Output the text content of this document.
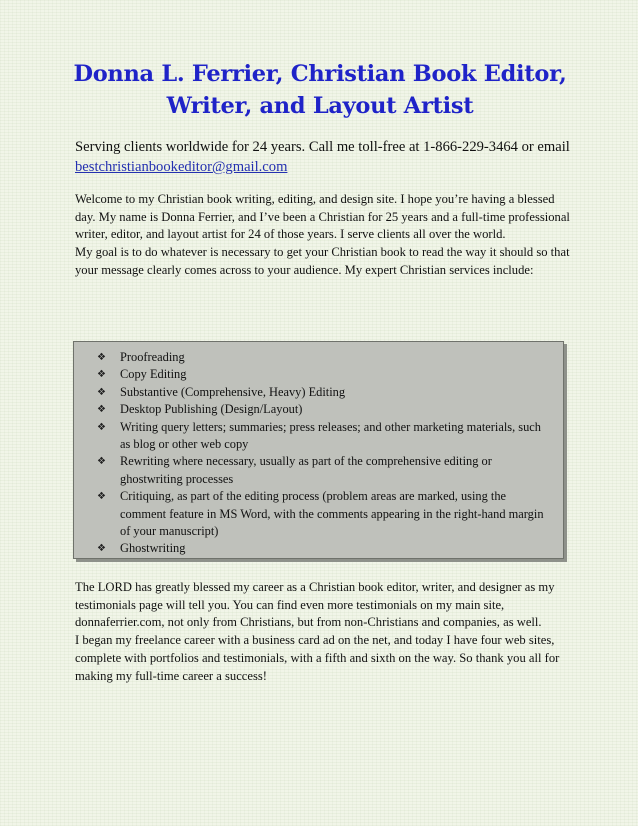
Donna L. Ferrier, Christian Book Editor,
Writer, and Layout Artist

Serving clients worldwide for 24 years. Call me toll-free at 1-866-229-3464 or email bestchristianbookeditor@gmail.com

Welcome to my Christian book writing, editing, and design site. I hope you’re having a blessed day. My name is Donna Ferrier, and I’ve been a Christian for 25 years and a full-time professional writer, editor, and layout artist for 24 of those years. I serve clients all over the world.

My goal is to do whatever is necessary to get your Christian book to read the way it should so that your message clearly comes across to your audience. My expert Christian services include:

❖	Proofreading
❖	Copy Editing
❖	Substantive (Comprehensive, Heavy) Editing
❖	Desktop Publishing (Design/Layout)
❖	Writing query letters; summaries; press releases; and other marketing materials, such as blog or other web copy
❖	Rewriting where necessary, usually as part of the comprehensive editing or ghostwriting processes
❖	Critiquing, as part of the editing process (problem areas are marked, using the comment feature in MS Word, with the comments appearing in the right-hand margin of your manuscript)
❖	Ghostwriting

The LORD has greatly blessed my career as a Christian book editor, writer, and designer as my testimonials page will tell you. You can find even more testimonials on my main site, donnaferrier.com, not only from Christians, but from non-Christians and companies, as well.

I began my freelance career with a business card ad on the net, and today I have four web sites, complete with portfolios and testimonials, with a fifth and sixth on the way. So thank you all for making my full-time career a success!
